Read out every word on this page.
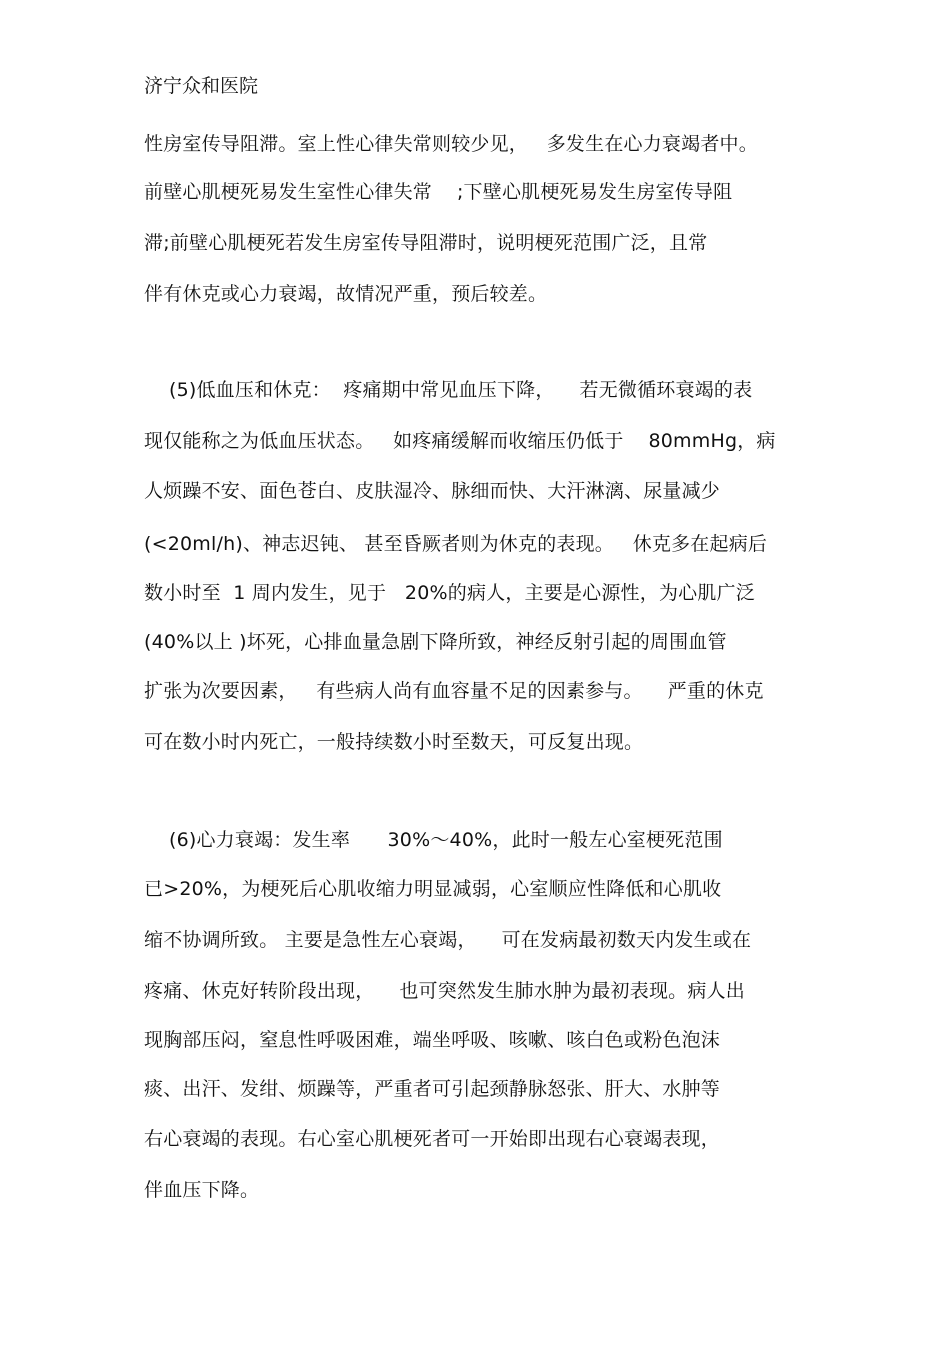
济宁众和医院
性房室传导阻滞。室上性心律失常则较少见，   多发生在心力衰竭者中。
前壁心肌梗死易发生室性心律失常    ;下壁心肌梗死易发生房室传导阻
滞;前壁心肌梗死若发生房室传导阻滞时，说明梗死范围广泛，且常
伴有休克或心力衰竭，故情况严重，预后较差。
(5)低血压和休克：  疼痛期中常见血压下降，    若无微循环衰竭的表
现仅能称之为低血压状态。   如疼痛缓解而收缩压仍低于    80mmHg，病
人烦躁不安、面色苍白、皮肤湿冷、脉细而快、大汗淋漓、尿量减少
(<20ml/h)、神志迟钝、 甚至昏厥者则为休克的表现。   休克多在起病后
数小时至  1 周内发生，见于   20%的病人，主要是心源性，为心肌广泛
(40%以上 )坏死，心排血量急剧下降所致，神经反射引起的周围血管
扩张为次要因素，   有些病人尚有血容量不足的因素参与。    严重的休克
可在数小时内死亡，一般持续数小时至数天，可反复出现。
(6)心力衰竭：发生率      30%～40%，此时一般左心室梗死范围
已>20%，为梗死后心肌收缩力明显减弱，心室顺应性降低和心肌收
缩不协调所致。 主要是急性左心衰竭，    可在发病最初数天内发生或在
疼痛、休克好转阶段出现，    也可突然发生肺水肿为最初表现。病人出
现胸部压闷，窒息性呼吸困难，端坐呼吸、咳嗽、咳白色或粉色泡沫
痰、出汗、发绀、烦躁等，严重者可引起颈静脉怒张、肝大、水肿等
右心衰竭的表现。右心室心肌梗死者可一开始即出现右心衰竭表现，
伴血压下降。
